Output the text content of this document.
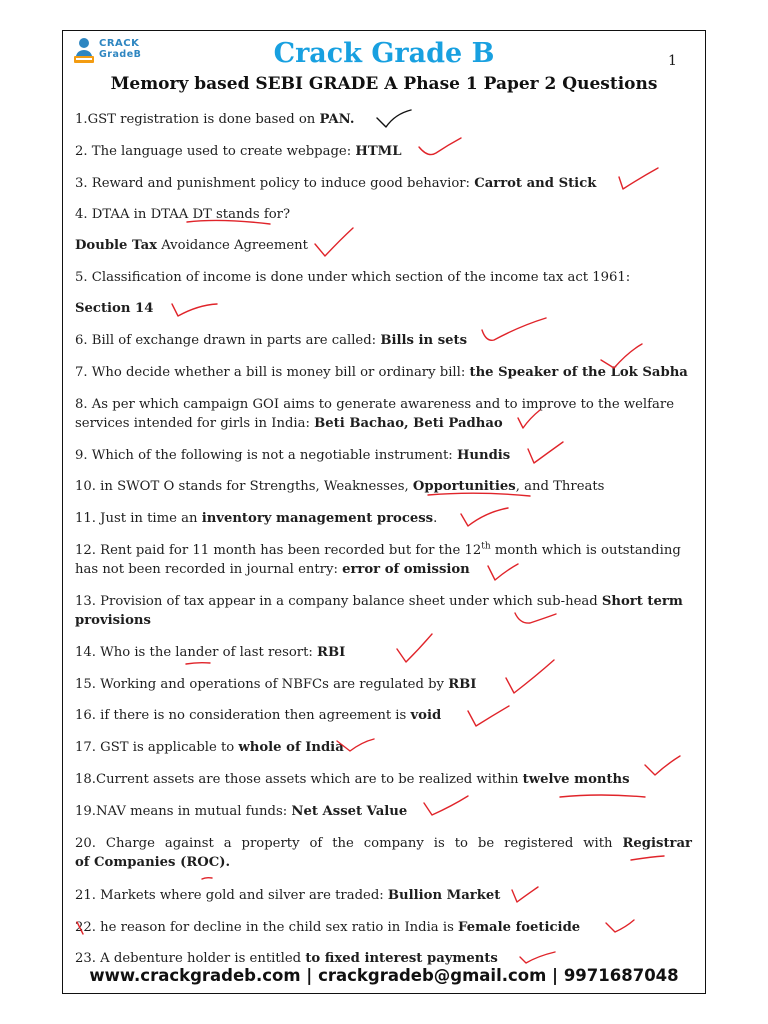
CRACK
GradeB	Crack Grade B	1
Memory based SEBI GRADE A Phase 1 Paper 2 Questions
1.GST registration is done based on PAN.
2. The language used to create webpage: HTML
3. Reward and punishment policy to induce good behavior: Carrot and Stick
4. DTAA in DTAA DT stands for?
Double Tax Avoidance Agreement
5. Classification of income is done under which section of the income tax act 1961:
Section 14
6. Bill of exchange drawn in parts are called: Bills in sets
7. Who decide whether a bill is money bill or ordinary bill: the Speaker of the Lok Sabha
8. As per which campaign GOI aims to generate awareness and to improve to the welfare
services intended for girls in India: Beti Bachao, Beti Padhao
9. Which of the following is not a negotiable instrument: Hundis
10. in SWOT O stands for Strengths, Weaknesses, Opportunities, and Threats
11. Just in time an inventory management process.
12. Rent paid for 11 month has been recorded but for the 12th month which is outstanding
has not been recorded in journal entry: error of omission
13. Provision of tax appear in a company balance sheet under which sub-head Short term
provisions
14. Who is the lander of last resort: RBI
15. Working and operations of NBFCs are regulated by RBI
16. if there is no consideration then agreement is void
17. GST is applicable to whole of India
18.Current assets are those assets which are to be realized within twelve months
19.NAV means in mutual funds: Net Asset Value
20. Charge against a property of the company is to be registered with Registrar
of Companies (ROC).
21. Markets where gold and silver are traded: Bullion Market
22. he reason for decline in the child sex ratio in India is Female foeticide
23. A debenture holder is entitled to fixed interest payments
www.crackgradeb.com | crackgradeb@gmail.com | 9971687048
